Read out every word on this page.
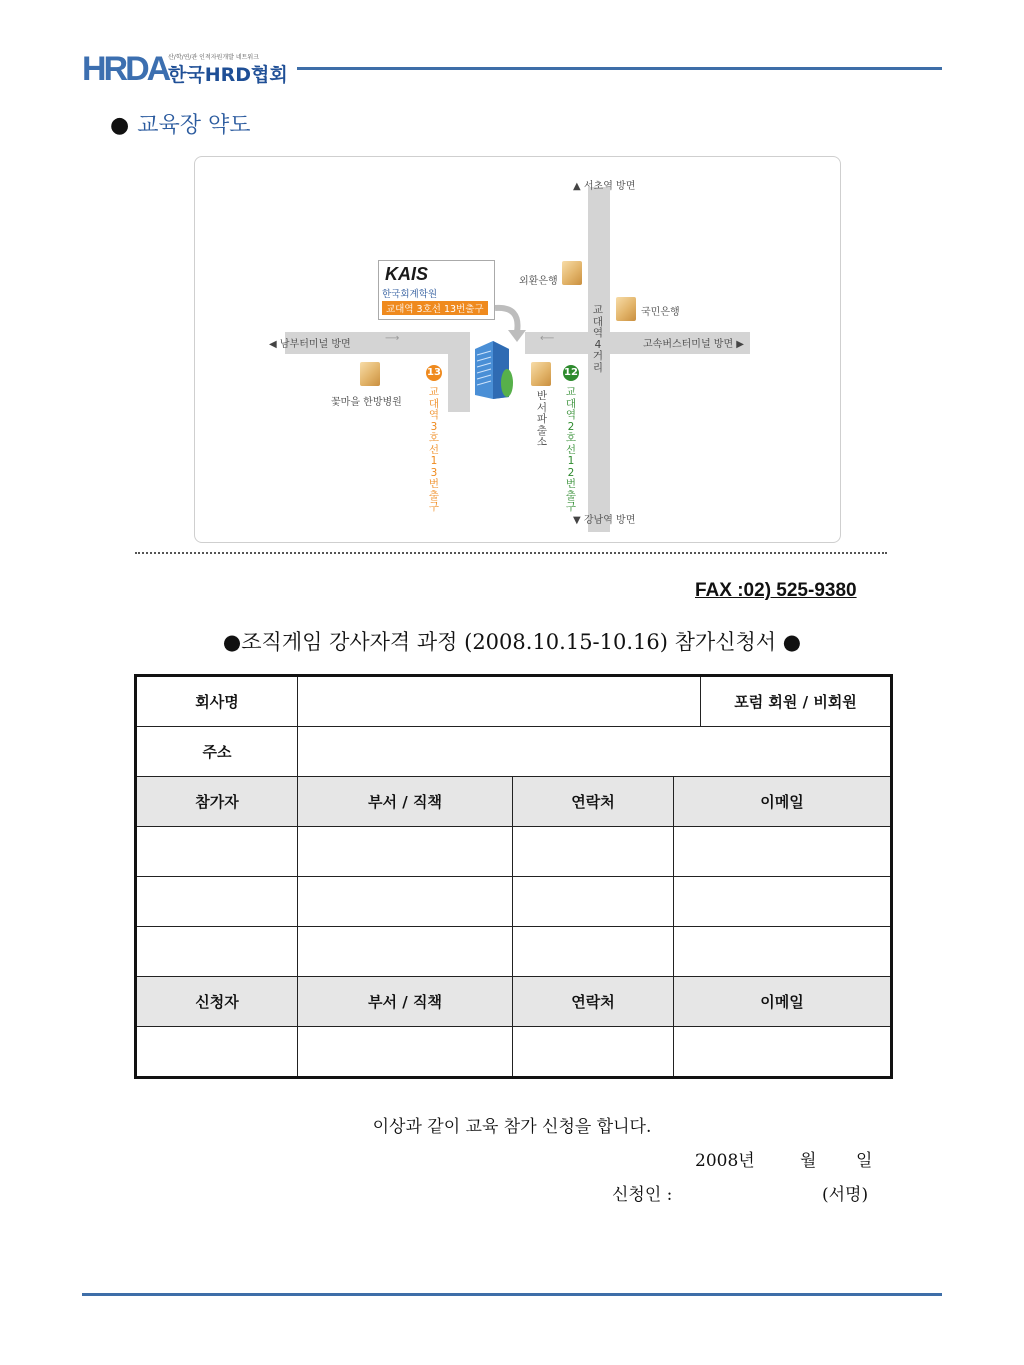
HRDA 산/학/연/관 인적자원개발 네트워크
한국HRD협회
● 교육장 약도
▲ 서초역 방면
▼ 강남역 방면
◀ 남부터미널 방면	고속버스터미널 방면 ▶
⟶	⟵
교대역4거리
외환은행
국민은행
꽃마을 한방병원
반서파출소
13
교대역3호선13번출구
12
교대역2호선12번출구
KAIS
한국회계학원
교대역 3호선 13번출구
FAX :02) 525-9380
●조직게임 강사자격 과정 (2008.10.15-10.16) 참가신청서 ●
회사명				포럼 회원 / 비회원
주소				
참가자	부서 / 직책	연락처	이메일	

신청자	부서 / 직책	연락처	이메일	

이상과 같이 교육 참가 신청을 합니다.
2008년	월 일
신청인 :	(서명)
